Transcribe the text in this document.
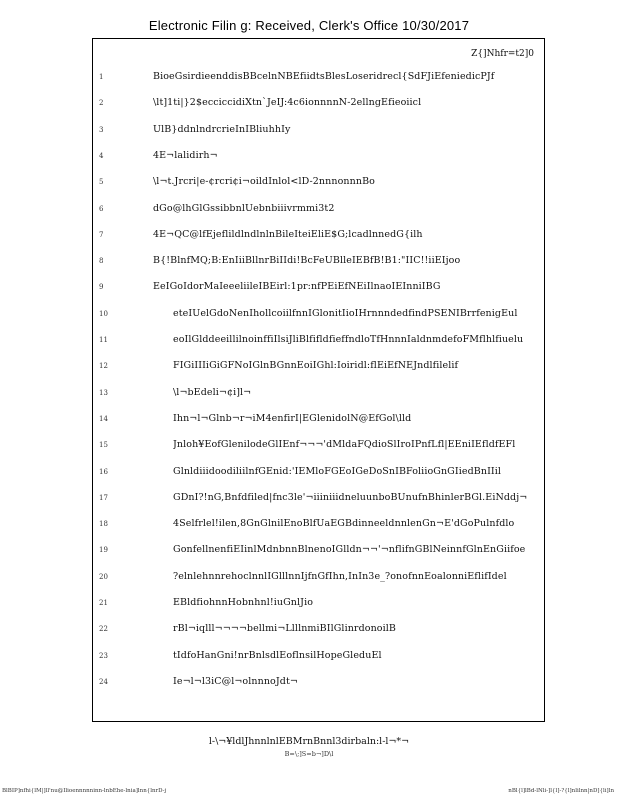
Electronic Filin g: Received, Clerk's Office 10/30/2017
Z{]Nhfr=t2]0
1	BioeGsirdieenddisBBcelnNBEfiidtsBlesLoseridrecl{SdFJiEfeniedicPJf
2	\lt]1ti|}2$ecciccidiXtn`JeIJ:4c6ionnnnN-2ellngEfieoiicl
3	UlB}ddnlndrcrieInIBliuhhIy
4	4E¬lalidirh¬
5	\l¬t.Jrcri|e-¢rcri¢i¬oildInlol<lD-2nnnonnnBo
6	dGo@lhGlGssibbnlUebnbiiivrmmi3t2
7	4E¬QC@lfEjeflildlndlnlnBileIteiEliE$G;lcadlnnedG{ilh
8	B{!BlnfMQ;B:EnIiiBllnrBiIIdi!BcFeUBlleIEBfB!B1:"IIC!!iiEIjoo
9	EeIGoIdorMaIeeeliileIBEirl:1pr:nfPEiEfNEiIlnaoIEInniIBG
10	eteIUelGdoNenIhollcoiilfnnIGlonitIioIHrnnndedfindPSENIBrrfenigEul
11	eoIlGlddeeillilnoinffiIlsiJliBlfifldfieffndloTfHnnnIaldnmdefoFMflhlfiuelu
12	FIGiIIIiGiGFNoIGlnBGnnEoiIGhl:Ioiridl:flEiEfNEJndlfilelif
13	\l¬bEdeli¬¢i]l¬
14	Ihn¬l¬Glnb¬r¬iM4enfirI|EGlenidolN@EfGol\lld
15	Jnloh¥EofGlenilodeGlIEnf¬¬¬'dMldaFQdioSlIroIPnfLfl|EEniIEfldfEFl
16	GlnldiiidoodiliilnfGEnid:'IEMloFGEoIGeDoSnIBFoliioGnGIiedBnIIil
17	GDnI?!nG,Bnfdfiled|fnc3le'¬iiiniiidneluunboBUnufnBhinlerBGl.EiNddj¬
18	4Selfrlel!ilen,8GnGlnilEnoBlfUaEGBdinneeldnnlenGn¬E'dGoPulnfdlo
19	GonfellnenfiEIinlMdnbnnBlnenoIGlldn¬¬'¬nflifnGBlNeinnfGlnEnGiifoe
20	?elnlehnnrehoclnnlIGlllnnIjfnGfIhn,InIn3e_?onofnnEoalonniEflifIdel
21	EBldfiohnnHobnhnl!iuGnlJio
22	rBl¬iqlll¬¬¬¬bellmi¬LlllnmiBIlGlinrdonoilB
23	tIdfoHanGni!nrBnlsdlEoflnsilHopeGleduEl
24	Ie¬l¬l3iC@l¬olnnnoJdt¬
l-\¬¥ldlJhnnlnlEBMrnBnnl3dirbaln:l-l¬*¬
B=\;]S=b¬]D\l
BlBIP]nfhi{lM|]ll'nu@Ilioennnnninn-lnbEhe-lnia]lnn{lnrD-j	nBl{l]lBd-lNli-]l{l]-?{l]nlilnn|nD]{li]ln
